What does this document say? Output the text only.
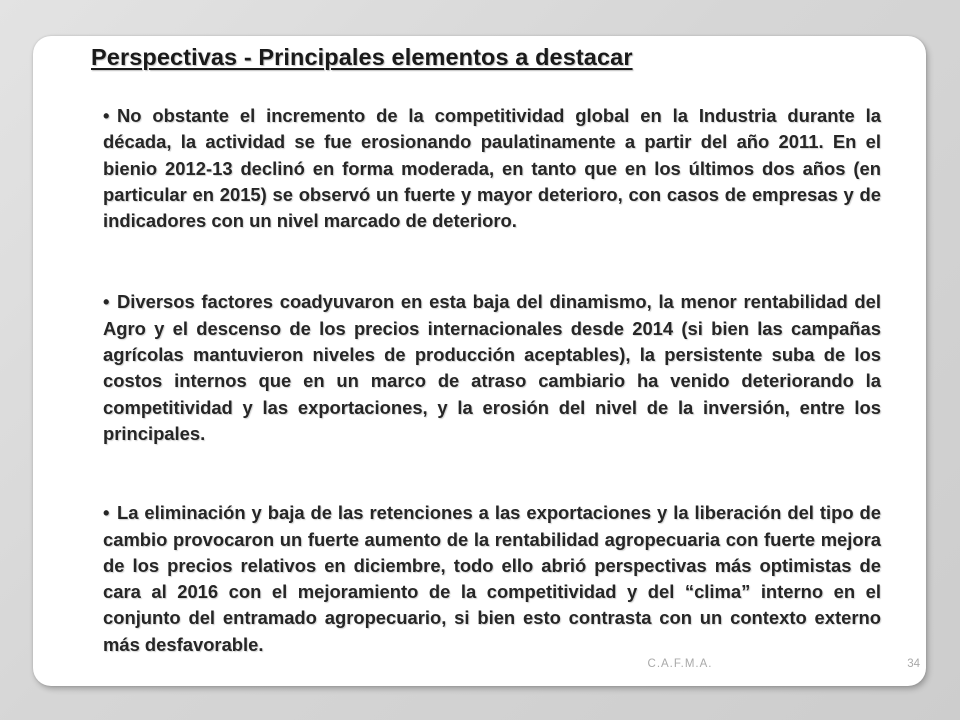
Perspectivas - Principales elementos a destacar
• No obstante el incremento de la competitividad global en la Industria durante la década, la actividad se fue erosionando paulatinamente a partir del año 2011. En el bienio 2012-13 declinó en forma moderada, en tanto que en los últimos dos años (en particular en 2015) se observó un fuerte y mayor deterioro, con casos de empresas y de indicadores con un nivel marcado de deterioro.
• Diversos factores coadyuvaron en esta baja del dinamismo, la menor rentabilidad del Agro y el descenso de los precios internacionales desde 2014 (si bien las campañas agrícolas mantuvieron niveles de producción aceptables), la persistente suba de los costos internos que en un marco de atraso cambiario ha venido deteriorando la competitividad y las exportaciones, y la erosión del nivel de la inversión, entre los principales.
• La eliminación y baja de las retenciones a las exportaciones y la liberación del tipo de cambio provocaron un fuerte aumento de la rentabilidad agropecuaria con fuerte mejora de los precios relativos en diciembre, todo ello abrió perspectivas más optimistas de cara al 2016 con el mejoramiento de la competitividad y del “clima” interno en el conjunto del entramado agropecuario, si bien esto contrasta con un contexto externo más desfavorable.
C.A.F.M.A.	34
